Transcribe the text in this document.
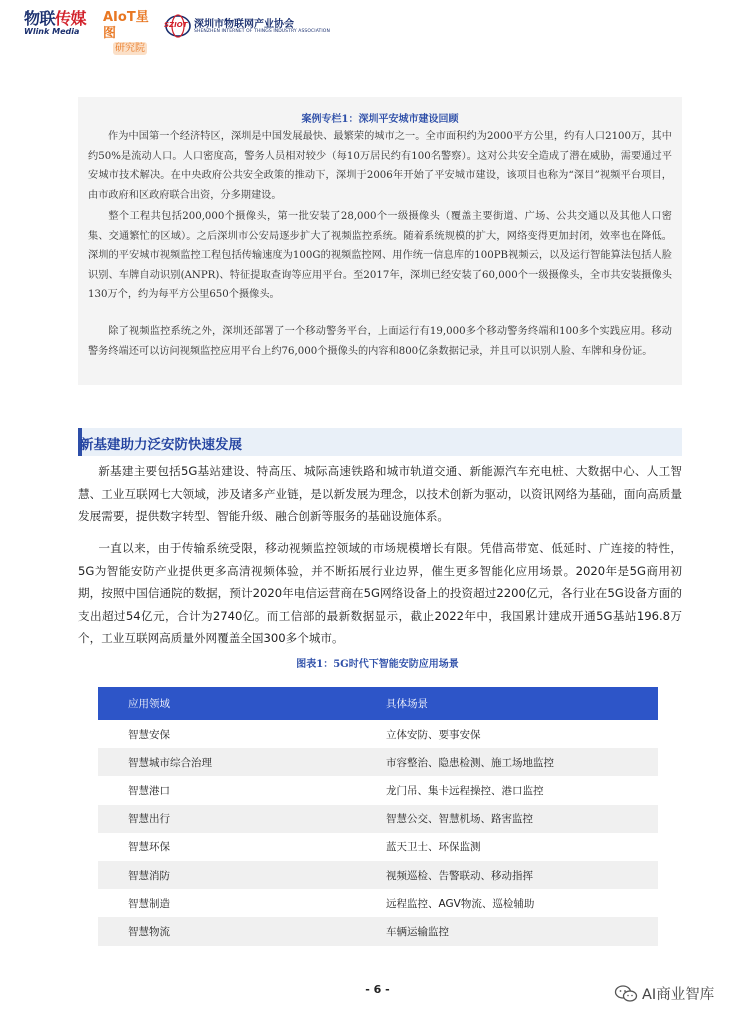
物联传媒
Wlink Media
AIoT星图
研究院
SZIOT 深圳市物联网产业协会
SHENZHEN INTERNET OF THINGS INDUSTRY ASSOCIATION
案例专栏1：深圳平安城市建设回顾

作为中国第一个经济特区，深圳是中国发展最快、最繁荣的城市之一。全市面积约为2000平方公里，约有人口2100万，其中约50%是流动人口。人口密度高，警务人员相对较少（每10万居民约有100名警察）。这对公共安全造成了潜在威胁，需要通过平安城市技术解决。在中央政府公共安全政策的推动下，深圳于2006年开始了平安城市建设，该项目也称为“深目”视频平台项目，由市政府和区政府联合出资，分多期建设。

整个工程共包括200,000个摄像头，第一批安装了28,000个一级摄像头（覆盖主要街道、广场、公共交通以及其他人口密集、交通繁忙的区域）。之后深圳市公安局逐步扩大了视频监控系统。随着系统规模的扩大，网络变得更加封闭，效率也在降低。深圳的平安城市视频监控工程包括传输速度为100G的视频监控网、用作统一信息库的100PB视频云，以及运行智能算法包括人脸识别、车牌自动识别(ANPR)、特征提取查询等应用平台。至2017年，深圳已经安装了60,000个一级摄像头，全市共安装摄像头130万个，约为每平方公里650个摄像头。

除了视频监控系统之外，深圳还部署了一个移动警务平台，上面运行有19,000多个移动警务终端和100多个实践应用。移动警务终端还可以访问视频监控应用平台上约76,000个摄像头的内容和800亿条数据记录，并且可以识别人脸、车牌和身份证。

新基建助力泛安防快速发展

新基建主要包括5G基站建设、特高压、城际高速铁路和城市轨道交通、新能源汽车充电桩、大数据中心、人工智慧、工业互联网七大领域，涉及诸多产业链，是以新发展为理念，以技术创新为驱动，以资讯网络为基础，面向高质量发展需要，提供数字转型、智能升级、融合创新等服务的基础设施体系。

一直以来，由于传输系统受限，移动视频监控领域的市场规模增长有限。凭借高带宽、低延时、广连接的特性，5G为智能安防产业提供更多高清视频体验，并不断拓展行业边界，催生更多智能化应用场景。2020年是5G商用初期，按照中国信通院的数据，预计2020年电信运营商在5G网络设备上的投资超过2200亿元，各行业在5G设备方面的支出超过54亿元，合计为2740亿。而工信部的最新数据显示，截止2022年中，我国累计建成开通5G基站196.8万个，工业互联网高质量外网覆盖全国300多个城市。

图表1：5G时代下智能安防应用场景
应用领域	具体场景
智慧安保	立体安防、要事安保
智慧城市综合治理	市容整治、隐患检测、施工场地监控
智慧港口	龙门吊、集卡远程操控、港口监控
智慧出行	智慧公交、智慧机场、路害监控
智慧环保	蓝天卫士、环保监测
智慧消防	视频巡检、告警联动、移动指挥
智慧制造	远程监控、AGV物流、巡检辅助
智慧物流	车辆运输监控
- 6 -	AI商业智库
